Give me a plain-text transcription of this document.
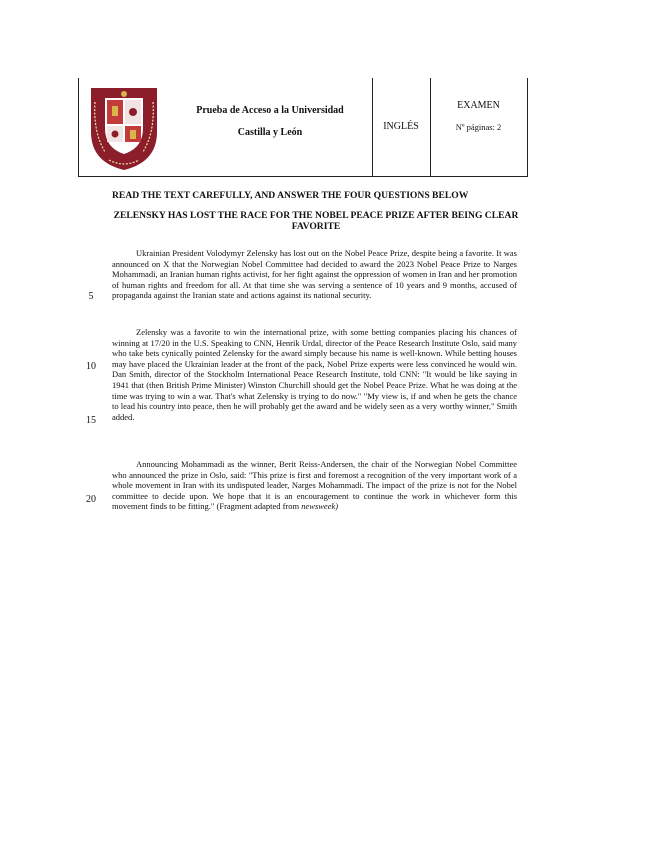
Prueba de Acceso a la Universidad
Castilla y León
INGLÉS
EXAMEN
Nº páginas: 2
READ THE TEXT CAREFULLY, AND ANSWER THE FOUR QUESTIONS BELOW
ZELENSKY HAS LOST THE RACE FOR THE NOBEL PEACE PRIZE AFTER BEING CLEAR FAVORITE
Ukrainian President Volodymyr Zelensky has lost out on the Nobel Peace Prize, despite being a favorite. It was announced on X that the Norwegian Nobel Committee had decided to award the 2023 Nobel Peace Prize to Narges Mohammadi, an Iranian human rights activist, for her fight against the oppression of women in Iran and her promotion of human rights and freedom for all. At that time she was serving a sentence of 10 years and 9 months, accused of propaganda against the Iranian state and actions against its national security.
Zelensky was a favorite to win the international prize, with some betting companies placing his chances of winning at 17/20 in the U.S. Speaking to CNN, Henrik Urdal, director of the Peace Research Institute Oslo, said many who take bets cynically pointed Zelensky for the award simply because his name is well-known. While betting houses may have placed the Ukrainian leader at the front of the pack, Nobel Prize experts were less convinced he would win. Dan Smith, director of the Stockholm International Peace Research Institute, told CNN: "It would be like saying in 1941 that (then British Prime Minister) Winston Churchill should get the Nobel Peace Prize. What he was doing at the time was trying to win a war. That's what Zelensky is trying to do now." "My view is, if and when he gets the chance to lead his country into peace, then he will probably get the award and be widely seen as a very worthy winner," Smith added.
Announcing Mohammadi as the winner, Berit Reiss-Andersen, the chair of the Norwegian Nobel Committee who announced the prize in Oslo, said: "This prize is first and foremost a recognition of the very important work of a whole movement in Iran with its undisputed leader, Narges Mohammadi. The impact of the prize is not for the Nobel committee to decide upon. We hope that it is an encouragement to continue the work in whichever form this movement finds to be fitting." (Fragment adapted from newsweek)
5
10
15
20
